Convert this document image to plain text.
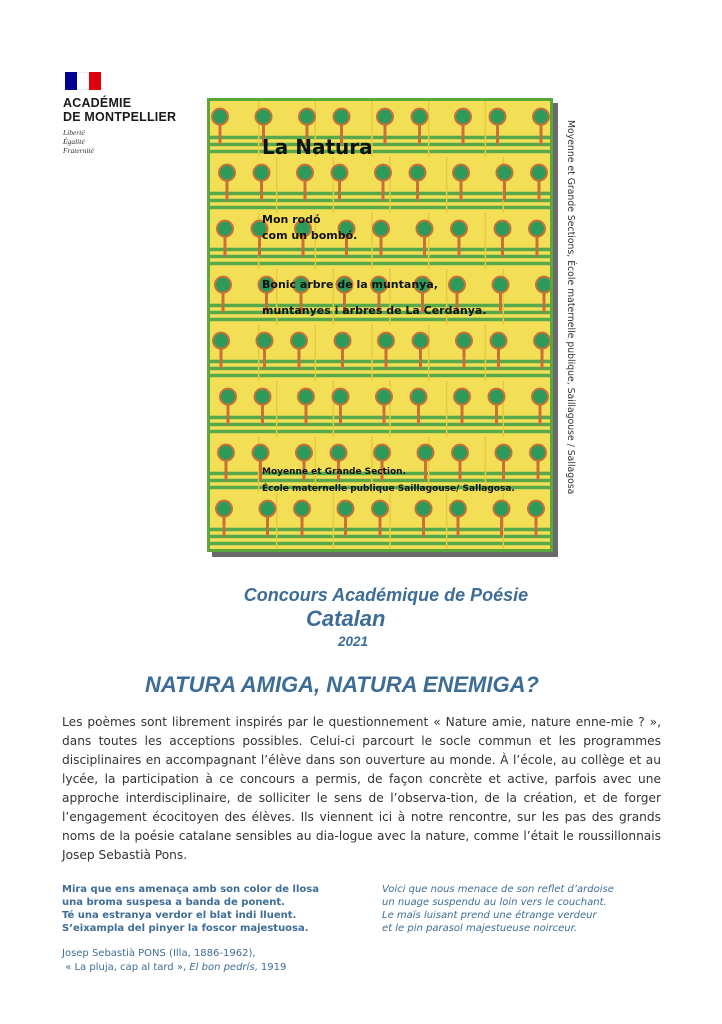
ACADÉMIE
DE MONTPELLIER
Liberté
Égalité
Fraternité	La Natura
Mon rodó
com un bombó.
Bonic arbre de la muntanya,
muntanyes i arbres de La Cerdanya.
Moyenne et Grande Section.
École maternelle publique Saillagouse/ Sallagosa.	Moyenne et Grande Sections, École maternelle publique, Saillagouse / Sallagosa
Concours Académique de Poésie
Catalan
2021
NATURA AMIGA, NATURA ENEMIGA?

Les poèmes sont librement inspirés par le questionnement « Nature amie, nature enne-mie ? », dans toutes les acceptions possibles. Celui-ci parcourt le socle commun et les programmes disciplinaires en accompagnant l’élève dans son ouverture au monde. À l’école, au collège et au lycée, la participation à ce concours a permis, de façon concrète et active, parfois avec une approche interdisciplinaire, de solliciter le sens de l’observa-tion, de la création, et de forger l’engagement écocitoyen des élèves. Ils viennent ici à notre rencontre, sur les pas des grands noms de la poésie catalane sensibles au dia-logue avec la nature, comme l’était le roussillonnais Josep Sebastià Pons.

Mira que ens amenaça amb son color de llosa
una broma suspesa a banda de ponent.
Té una estranya verdor el blat indi lluent.
S’eixampla del pinyer la foscor majestuosa.
Voici que nous menace de son reflet d’ardoise
un nuage suspendu au loin vers le couchant.
Le maïs luisant prend une étrange verdeur
et le pin parasol majestueuse noirceur.
Josep Sebastià PONS (Illa, 1886-1962),
« La pluja, cap al tard », El bon pedrís, 1919
